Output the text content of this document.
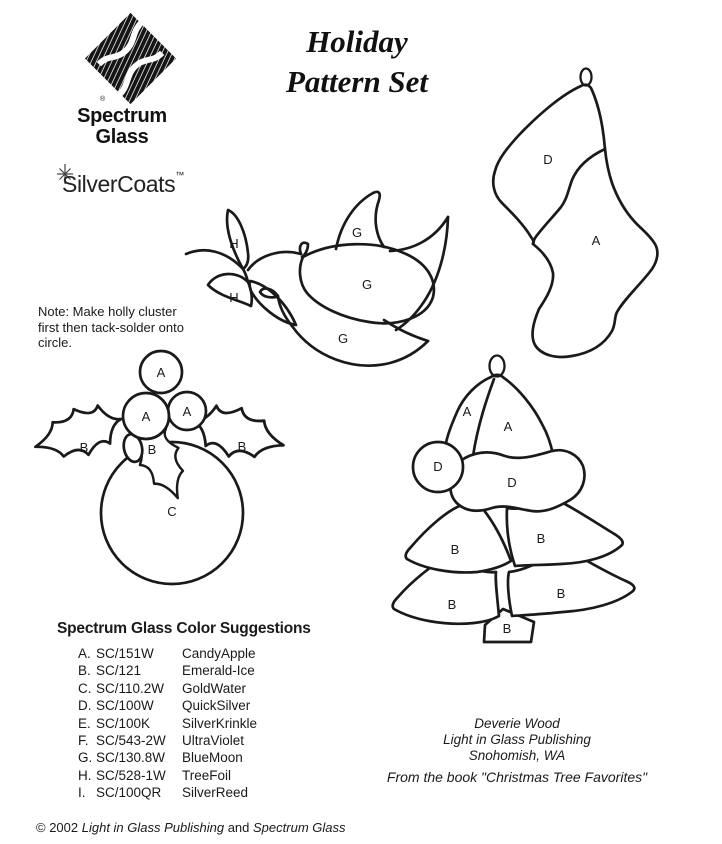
®
Spectrum
Glass
SilverCoats™
Holiday
Pattern Set
D
A
H
H
G
G
G
Note: Make holly cluster
first then tack-solder onto
circle.
A
A A
B	B	B
C
A
A
D
D
B
B
B
B
B
Spectrum Glass Color Suggestions
A. SC/151W	CandyApple
B. SC/121	Emerald-Ice
C. SC/110.2W	GoldWater
D. SC/100W	QuickSilver
E. SC/100K	SilverKrinkle
F. SC/543-2W	UltraViolet
G. SC/130.8W	BlueMoon
H. SC/528-1W	TreeFoil
I. SC/100QR	SilverReed
Deverie Wood
Light in Glass Publishing
Snohomish, WA
From the book "Christmas Tree Favorites"
© 2002 Light in Glass Publishing and Spectrum Glass
